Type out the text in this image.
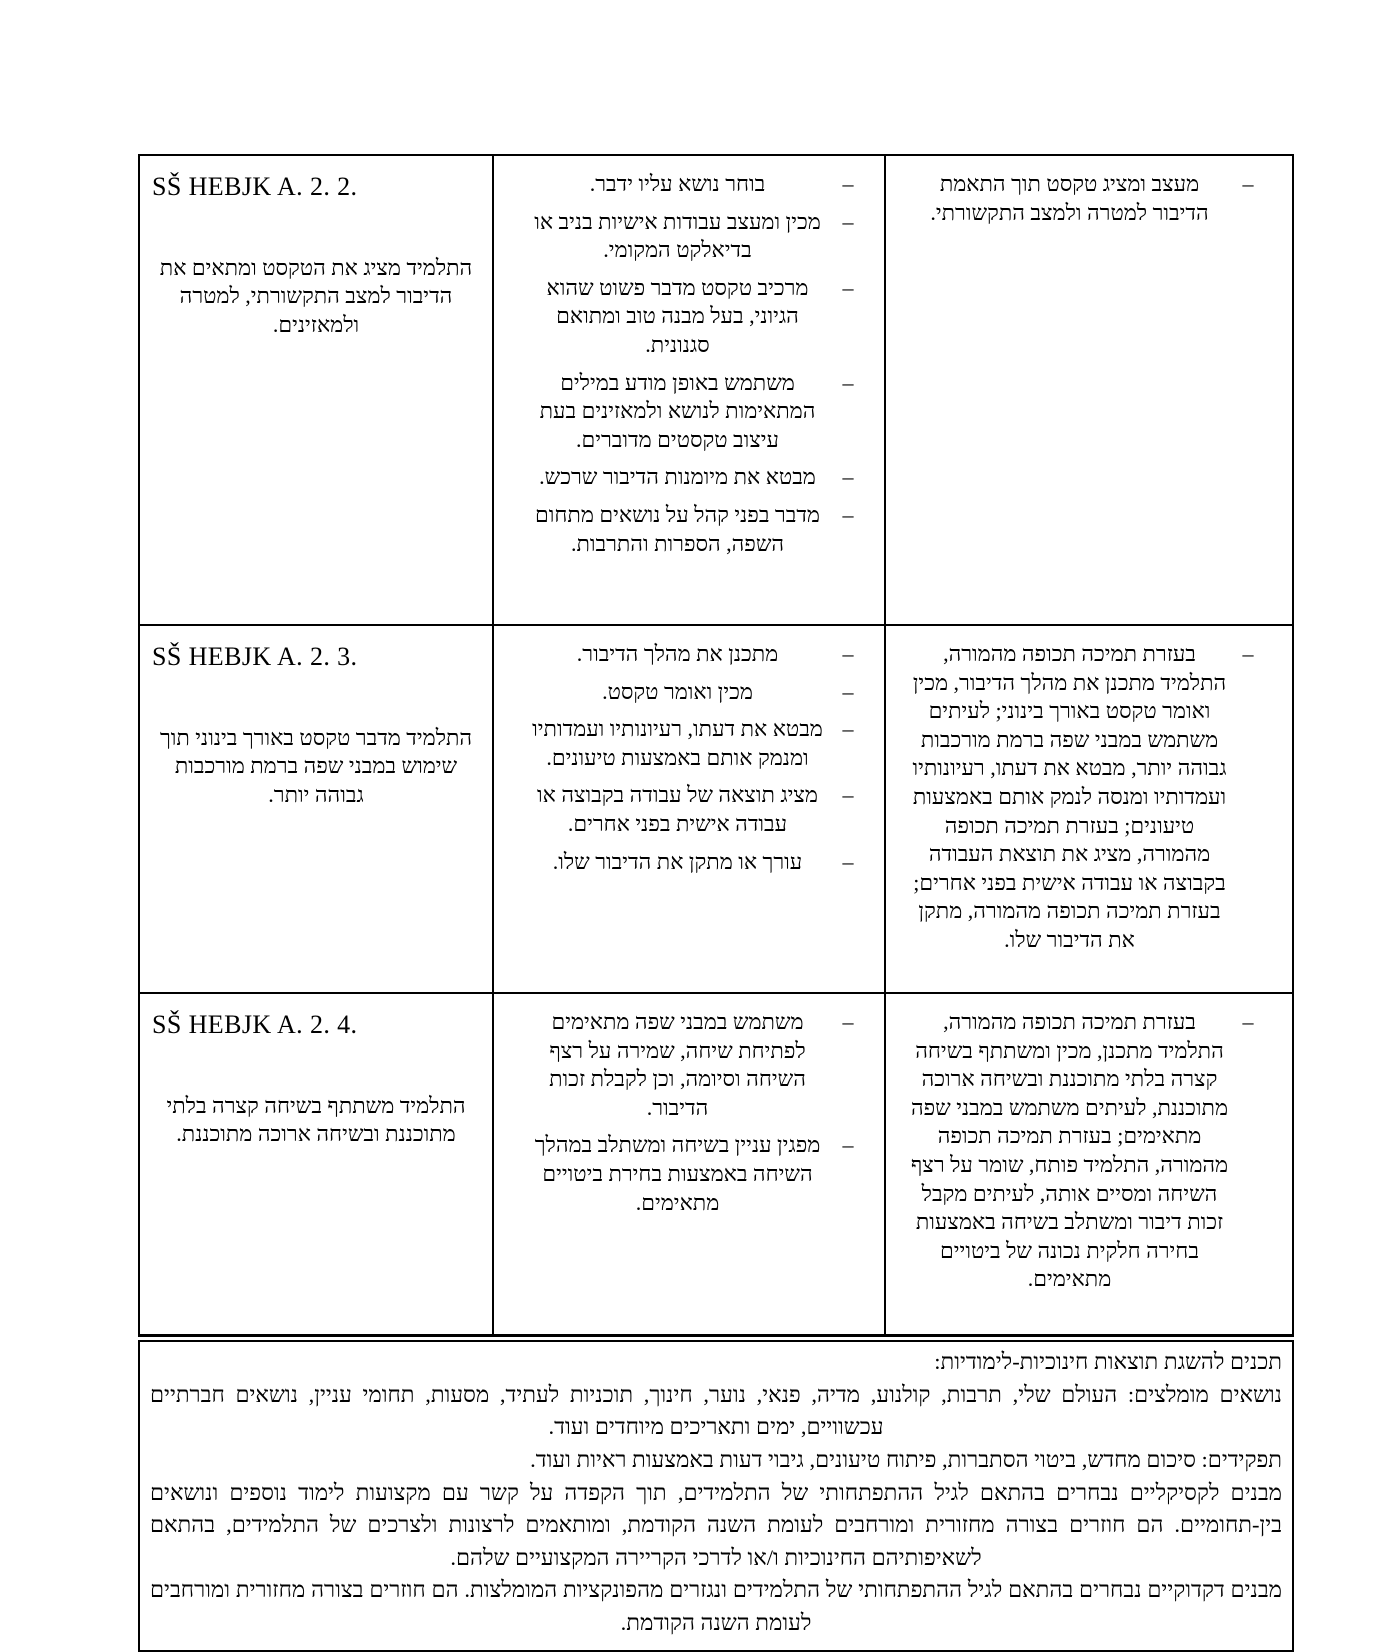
SŠ HEBJK A. 2. 2.
התלמיד מציג את הטקסט ומתאים את הדיבור למצב התקשורתי, למטרה ולמאזינים.
–
בוחר נושא עליו ידבר.
–
מכין ומעצב עבודות אישיות בניב או בדיאלקט המקומי.
–
מרכיב טקסט מדבר פשוט שהוא הגיוני, בעל מבנה טוב ומתואם סגנונית.
–
משתמש באופן מודע במילים המתאימות לנושא ולמאזינים בעת עיצוב טקסטים מדוברים.
–
מבטא את מיומנות הדיבור שרכש.
–
מדבר בפני קהל על נושאים מתחום השפה, הספרות והתרבות.
–
מעצב ומציג טקסט תוך התאמת הדיבור למטרה ולמצב התקשורתי.
SŠ HEBJK A. 2. 3.
התלמיד מדבר טקסט באורך בינוני תוך שימוש במבני שפה ברמת מורכבות גבוהה יותר.
–
מתכנן את מהלך הדיבור.
–
מכין ואומר טקסט.
–
מבטא את דעתו, רעיונותיו ועמדותיו ומנמק אותם באמצעות טיעונים.
–
מציג תוצאה של עבודה בקבוצה או עבודה אישית בפני אחרים.
–
עורך או מתקן את הדיבור שלו.
–
בעזרת תמיכה תכופה מהמורה, התלמיד מתכנן את מהלך הדיבור, מכין ואומר טקסט באורך בינוני; לעיתים משתמש במבני שפה ברמת מורכבות גבוהה יותר, מבטא את דעתו, רעיונותיו ועמדותיו ומנסה לנמק אותם באמצעות טיעונים; בעזרת תמיכה תכופה מהמורה, מציג את תוצאת העבודה בקבוצה או עבודה אישית בפני אחרים; בעזרת תמיכה תכופה מהמורה, מתקן את הדיבור שלו.
SŠ HEBJK A. 2. 4.
התלמיד משתתף בשיחה קצרה בלתי מתוכננת ובשיחה ארוכה מתוכננת.
–
משתמש במבני שפה מתאימים לפתיחת שיחה, שמירה על רצף השיחה וסיומה, וכן לקבלת זכות הדיבור.
–
מפגין עניין בשיחה ומשתלב במהלך השיחה באמצעות בחירת ביטויים מתאימים.
–
בעזרת תמיכה תכופה מהמורה, התלמיד מתכנן, מכין ומשתתף בשיחה קצרה בלתי מתוכננת ובשיחה ארוכה מתוכננת, לעיתים משתמש במבני שפה מתאימים; בעזרת תמיכה תכופה מהמורה, התלמיד פותח, שומר על רצף השיחה ומסיים אותה, לעיתים מקבל זכות דיבור ומשתלב בשיחה באמצעות בחירה חלקית נכונה של ביטויים מתאימים.

תכנים להשגת תוצאות חינוכיות-לימודיות:

נושאים מומלצים: העולם שלי, תרבות, קולנוע, מדיה, פנאי, נוער, חינוך, תוכניות לעתיד, מסעות, תחומי עניין, נושאים חברתיים עכשוויים, ימים ותאריכים מיוחדים ועוד.

תפקידים: סיכום מחדש, ביטוי הסתברות, פיתוח טיעונים, גיבוי דעות באמצעות ראיות ועוד.

מבנים לקסיקליים נבחרים בהתאם לגיל ההתפתחותי של התלמידים, תוך הקפדה על קשר עם מקצועות לימוד נוספים ונושאים בין-תחומיים. הם חוזרים בצורה מחזורית ומורחבים לעומת השנה הקודמת, ומותאמים לרצונות ולצרכים של התלמידים, בהתאם לשאיפותיהם החינוכיות ו/או לדרכי הקריירה המקצועיים שלהם.

מבנים דקדוקיים נבחרים בהתאם לגיל ההתפתחותי של התלמידים ונגזרים מהפונקציות המומלצות. הם חוזרים בצורה מחזורית ומורחבים לעומת השנה הקודמת.
